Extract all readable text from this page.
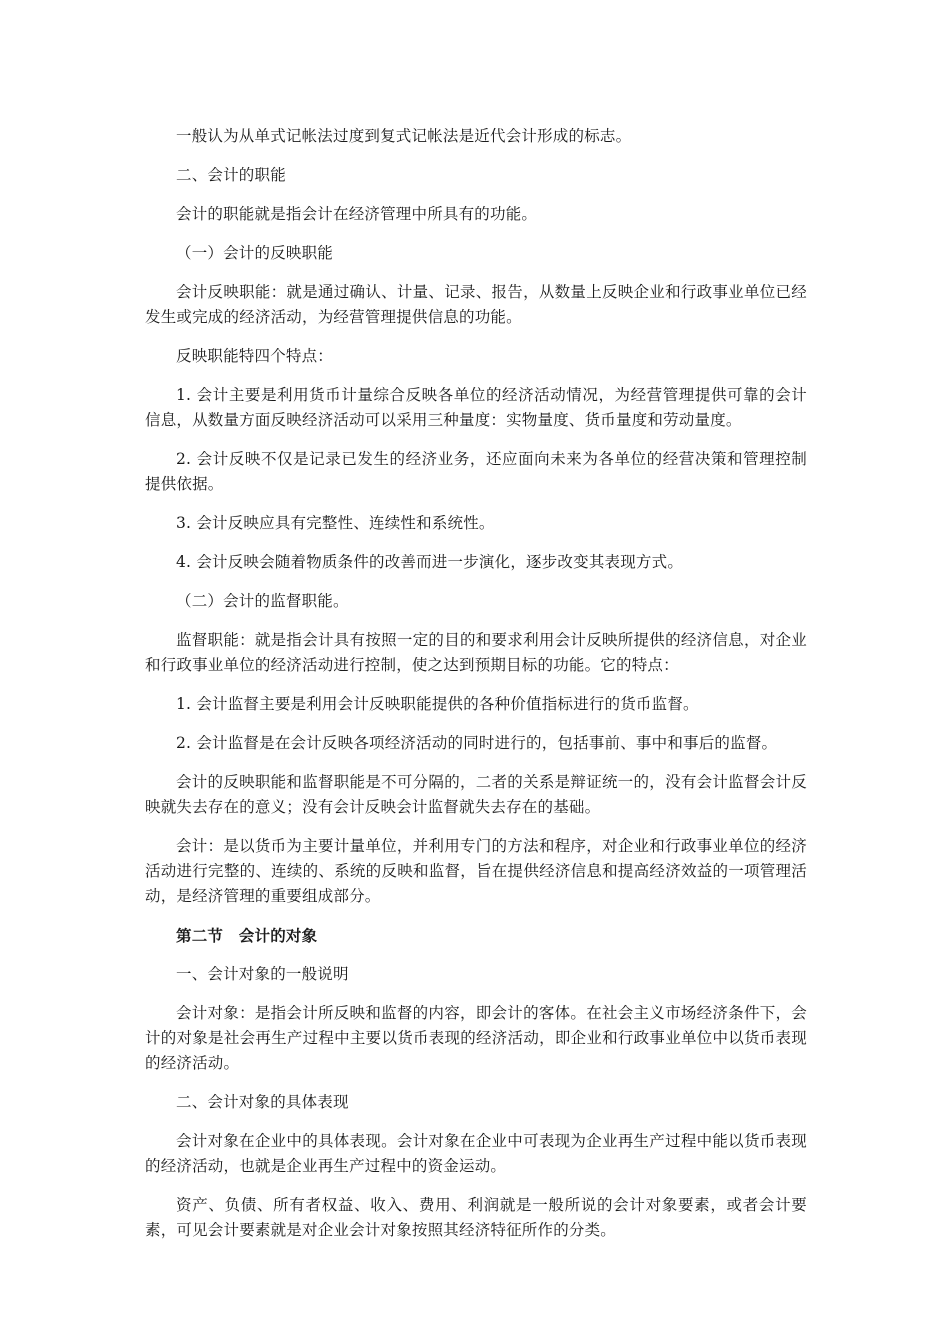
一般认为从单式记帐法过度到复式记帐法是近代会计形成的标志。

二、会计的职能

会计的职能就是指会计在经济管理中所具有的功能。

（一）会计的反映职能

会计反映职能：就是通过确认、计量、记录、报告，从数量上反映企业和行政事业单位已经发生或完成的经济活动，为经营管理提供信息的功能。

反映职能特四个特点：

1. 会计主要是利用货币计量综合反映各单位的经济活动情况，为经营管理提供可靠的会计信息，从数量方面反映经济活动可以采用三种量度：实物量度、货币量度和劳动量度。

2. 会计反映不仅是记录已发生的经济业务，还应面向未来为各单位的经营决策和管理控制提供依据。

3. 会计反映应具有完整性、连续性和系统性。

4. 会计反映会随着物质条件的改善而进一步演化，逐步改变其表现方式。

（二）会计的监督职能。

监督职能：就是指会计具有按照一定的目的和要求利用会计反映所提供的经济信息，对企业和行政事业单位的经济活动进行控制，使之达到预期目标的功能。它的特点：

1. 会计监督主要是利用会计反映职能提供的各种价值指标进行的货币监督。

2. 会计监督是在会计反映各项经济活动的同时进行的，包括事前、事中和事后的监督。

会计的反映职能和监督职能是不可分隔的，二者的关系是辩证统一的，没有会计监督会计反映就失去存在的意义；没有会计反映会计监督就失去存在的基础。

会计：是以货币为主要计量单位，并利用专门的方法和程序，对企业和行政事业单位的经济活动进行完整的、连续的、系统的反映和监督，旨在提供经济信息和提高经济效益的一项管理活动，是经济管理的重要组成部分。

第二节　会计的对象

一、会计对象的一般说明

会计对象：是指会计所反映和监督的内容，即会计的客体。在社会主义市场经济条件下，会计的对象是社会再生产过程中主要以货币表现的经济活动，即企业和行政事业单位中以货币表现的经济活动。

二、会计对象的具体表现

会计对象在企业中的具体表现。会计对象在企业中可表现为企业再生产过程中能以货币表现的经济活动，也就是企业再生产过程中的资金运动。

资产、负债、所有者权益、收入、费用、利润就是一般所说的会计对象要素，或者会计要素，可见会计要素就是对企业会计对象按照其经济特征所作的分类。
